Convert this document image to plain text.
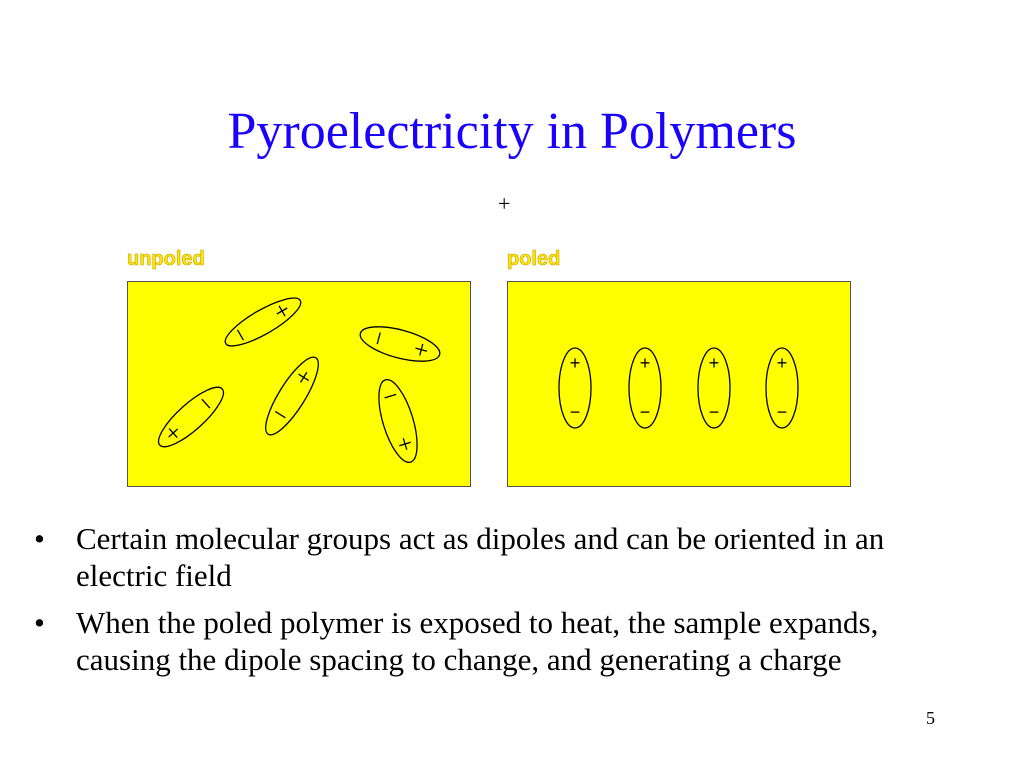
Pyroelectricity in Polymers
+
unpoled	poled
+
−
+
−
+
−
+
−
• Certain molecular groups act as dipoles and can be oriented in an electric field
• When the poled polymer is exposed to heat, the sample expands, causing the dipole spacing to change, and generating a charge
5
